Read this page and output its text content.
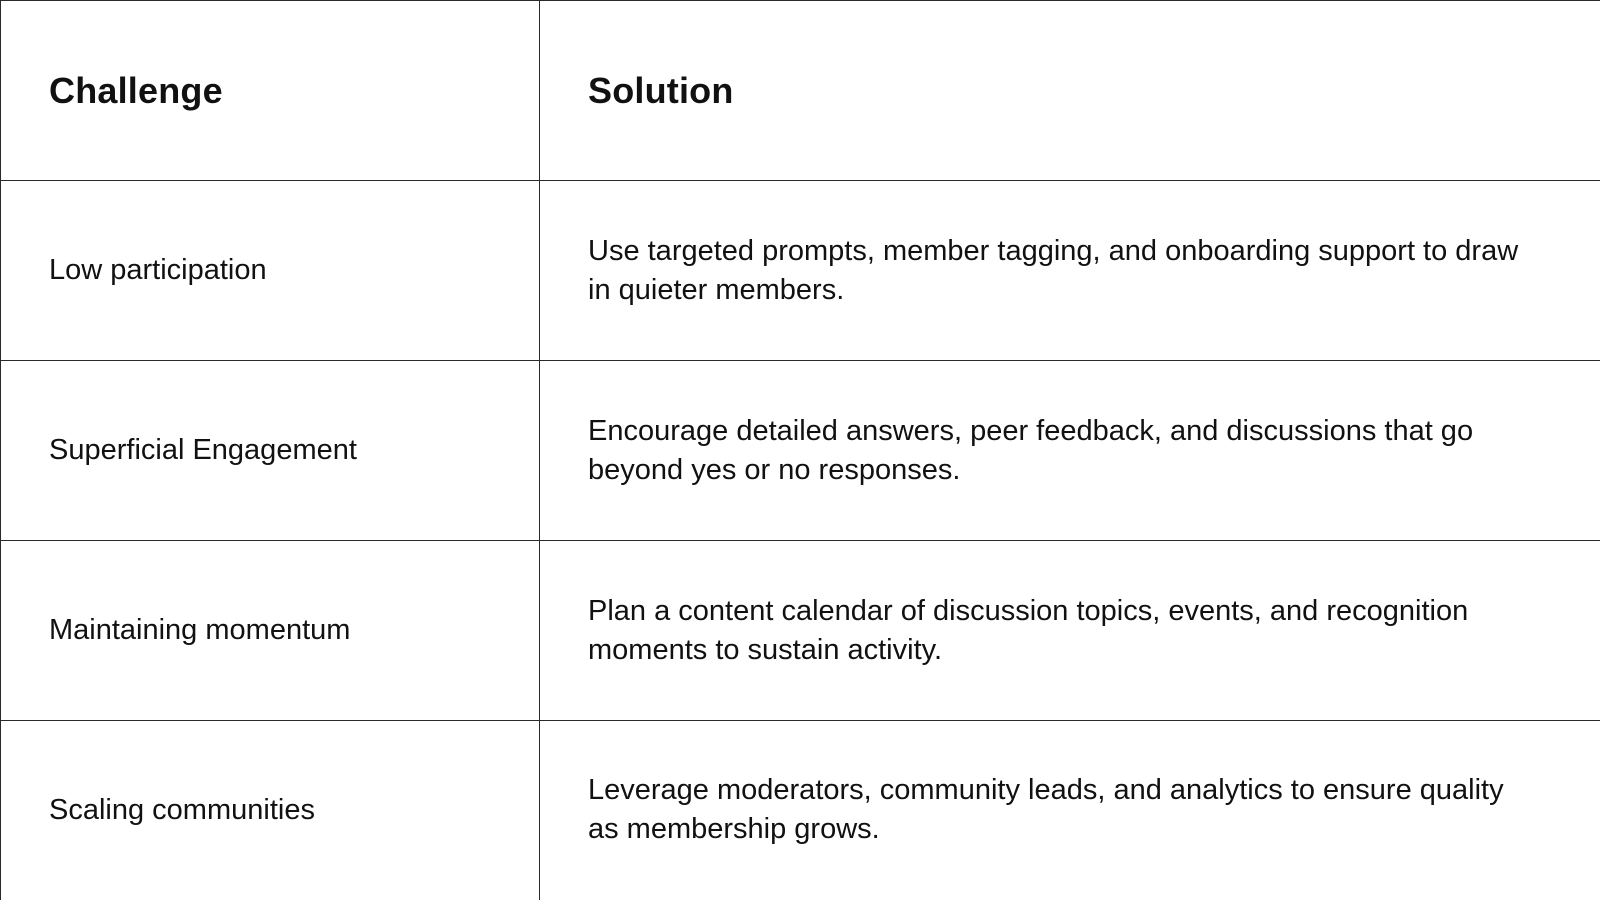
Challenge	Solution
Low participation	Use targeted prompts, member tagging, and onboarding support to draw in quieter members.
Superficial Engagement	Encourage detailed answers, peer feedback, and discussions that go beyond yes or no responses.
Maintaining momentum	Plan a content calendar of discussion topics, events, and recognition moments to sustain activity.
Scaling communities	Leverage moderators, community leads, and analytics to ensure quality as membership grows.
